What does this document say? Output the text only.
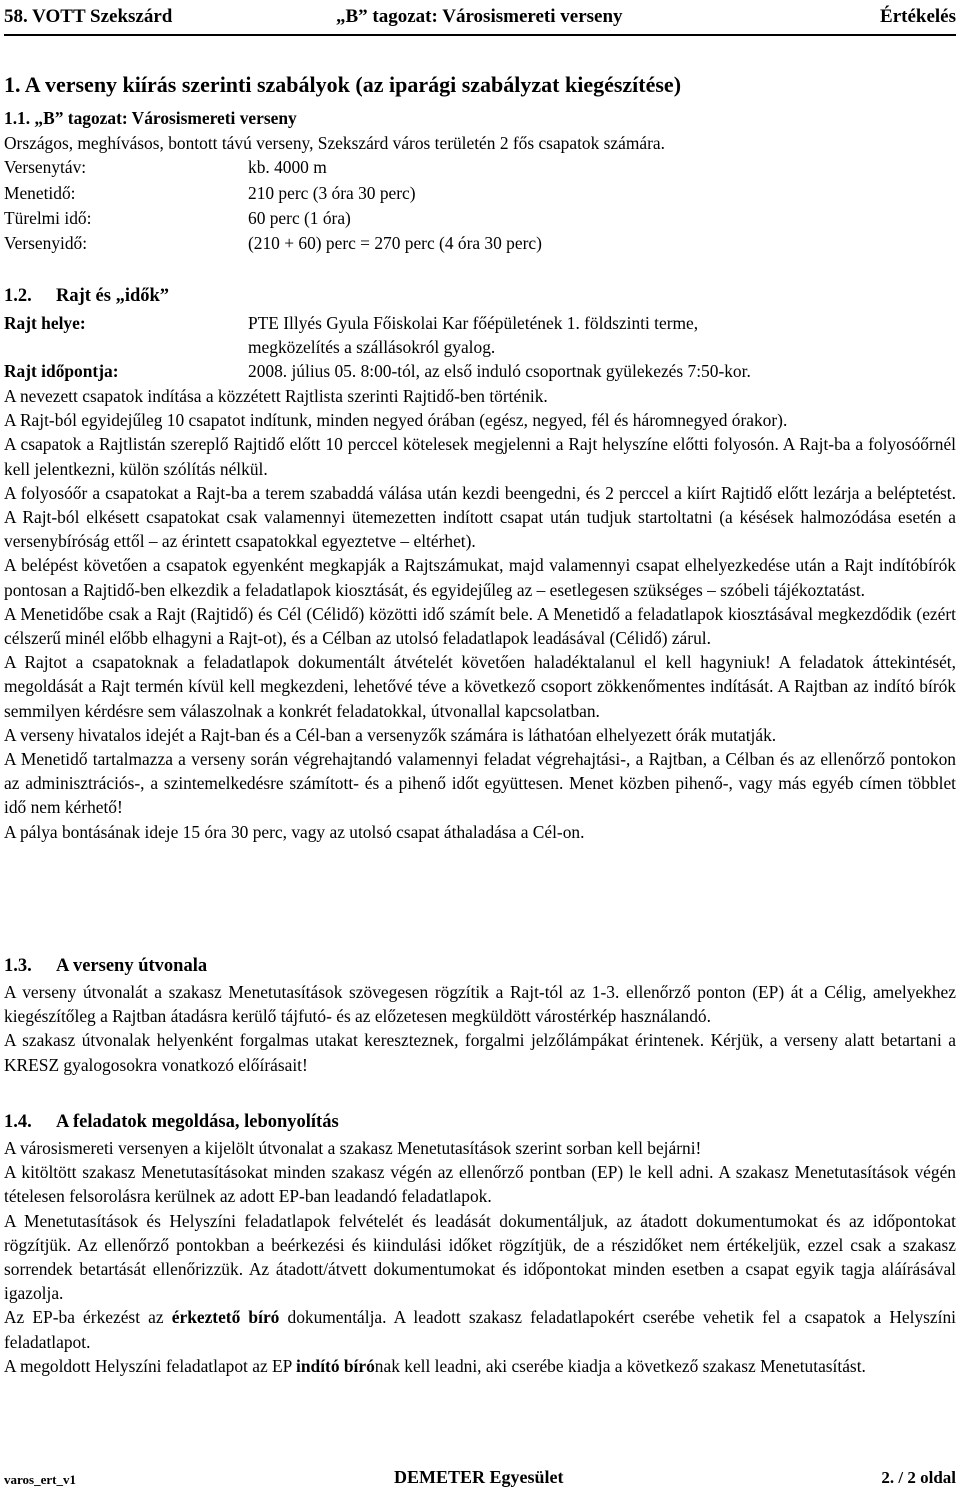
58. VOTT Szekszárd	„B” tagozat: Városismereti verseny	Értékelés
1. A verseny kiírás szerinti szabályok (az iparági szabályzat kiegészítése)
1.1. „B” tagozat: Városismereti verseny
Országos, meghívásos, bontott távú verseny, Szekszárd város területén 2 fős csapatok számára.
Versenytáv:	kb. 4000 m
Menetidő:	210 perc (3 óra 30 perc)
Türelmi idő:	60 perc (1 óra)
Versenyidő:	(210 + 60) perc = 270 perc (4 óra 30 perc)
1.2. Rajt és „idők”
Rajt helye:	PTE Illyés Gyula Főiskolai Kar főépületének 1. földszinti terme,
megközelítés a szállásokról gyalog.
Rajt időpontja:	2008. július 05. 8:00-tól, az első induló csoportnak gyülekezés 7:50-kor.

A nevezett csapatok indítása a közzétett Rajtlista szerinti Rajtidő-ben történik.

A Rajt-ból egyidejűleg 10 csapatot indítunk, minden negyed órában (egész, negyed, fél és háromnegyed órakor).

A csapatok a Rajtlistán szereplő Rajtidő előtt 10 perccel kötelesek megjelenni a Rajt helyszíne előtti folyosón. A Rajt-ba a folyosóőrnél kell jelentkezni, külön szólítás nélkül.

A folyosóőr a csapatokat a Rajt-ba a terem szabaddá válása után kezdi beengedni, és 2 perccel a kiírt Rajtidő előtt lezárja a beléptetést. A Rajt-ból elkésett csapatokat csak valamennyi ütemezetten indított csapat után tudjuk startoltatni (a késések halmozódása esetén a versenybíróság ettől – az érintett csapatokkal egyeztetve – eltérhet).

A belépést követően a csapatok egyenként megkapják a Rajtszámukat, majd valamennyi csapat elhelyezkedése után a Rajt indítóbírók pontosan a Rajtidő-ben elkezdik a feladatlapok kiosztását, és egyidejűleg az – esetlegesen szükséges – szóbeli tájékoztatást.

A Menetidőbe csak a Rajt (Rajtidő) és Cél (Célidő) közötti idő számít bele. A Menetidő a feladatlapok kiosztásával megkezdődik (ezért célszerű minél előbb elhagyni a Rajt-ot), és a Célban az utolsó feladatlapok leadásával (Célidő) zárul.

A Rajtot a csapatoknak a feladatlapok dokumentált átvételét követően haladéktalanul el kell hagyniuk! A feladatok áttekintését, megoldását a Rajt termén kívül kell megkezdeni, lehetővé téve a következő csoport zökkenőmentes indítását. A Rajtban az indító bírók semmilyen kérdésre sem válaszolnak a konkrét feladatokkal, útvonallal kapcsolatban.

A verseny hivatalos idejét a Rajt-ban és a Cél-ban a versenyzők számára is láthatóan elhelyezett órák mutatják.

A Menetidő tartalmazza a verseny során végrehajtandó valamennyi feladat végrehajtási-, a Rajtban, a Célban és az ellenőrző pontokon az adminisztrációs-, a szintemelkedésre számított- és a pihenő időt együttesen. Menet közben pihenő-, vagy más egyéb címen többlet idő nem kérhető!

A pálya bontásának ideje 15 óra 30 perc, vagy az utolsó csapat áthaladása a Cél-on.

1.3. A verseny útvonala

A verseny útvonalát a szakasz Menetutasítások szövegesen rögzítik a Rajt-tól az 1-3. ellenőrző ponton (EP) át a Célig, amelyekhez kiegészítőleg a Rajtban átadásra kerülő tájfutó- és az előzetesen megküldött várostérkép használandó.

A szakasz útvonalak helyenként forgalmas utakat kereszteznek, forgalmi jelzőlámpákat érintenek. Kérjük, a verseny alatt betartani a KRESZ gyalogosokra vonatkozó előírásait!

1.4. A feladatok megoldása, lebonyolítás

A városismereti versenyen a kijelölt útvonalat a szakasz Menetutasítások szerint sorban kell bejárni!

A kitöltött szakasz Menetutasításokat minden szakasz végén az ellenőrző pontban (EP) le kell adni. A szakasz Menetutasítások végén tételesen felsorolásra kerülnek az adott EP-ban leadandó feladatlapok.

A Menetutasítások és Helyszíni feladatlapok felvételét és leadását dokumentáljuk, az átadott dokumentumokat és az időpontokat rögzítjük. Az ellenőrző pontokban a beérkezési és kiindulási időket rögzítjük, de a részidőket nem értékeljük, ezzel csak a szakasz sorrendek betartását ellenőrizzük. Az átadott/átvett dokumentumokat és időpontokat minden esetben a csapat egyik tagja aláírásával igazolja.

Az EP-ba érkezést az érkeztető bíró dokumentálja. A leadott szakasz feladatlapokért cserébe vehetik fel a csapatok a Helyszíni feladatlapot.

A megoldott Helyszíni feladatlapot az EP indító bírónak kell leadni, aki cserébe kiadja a következő szakasz Menetutasítást.

varos_ert_v1	DEMETER Egyesület	2. / 2 oldal
